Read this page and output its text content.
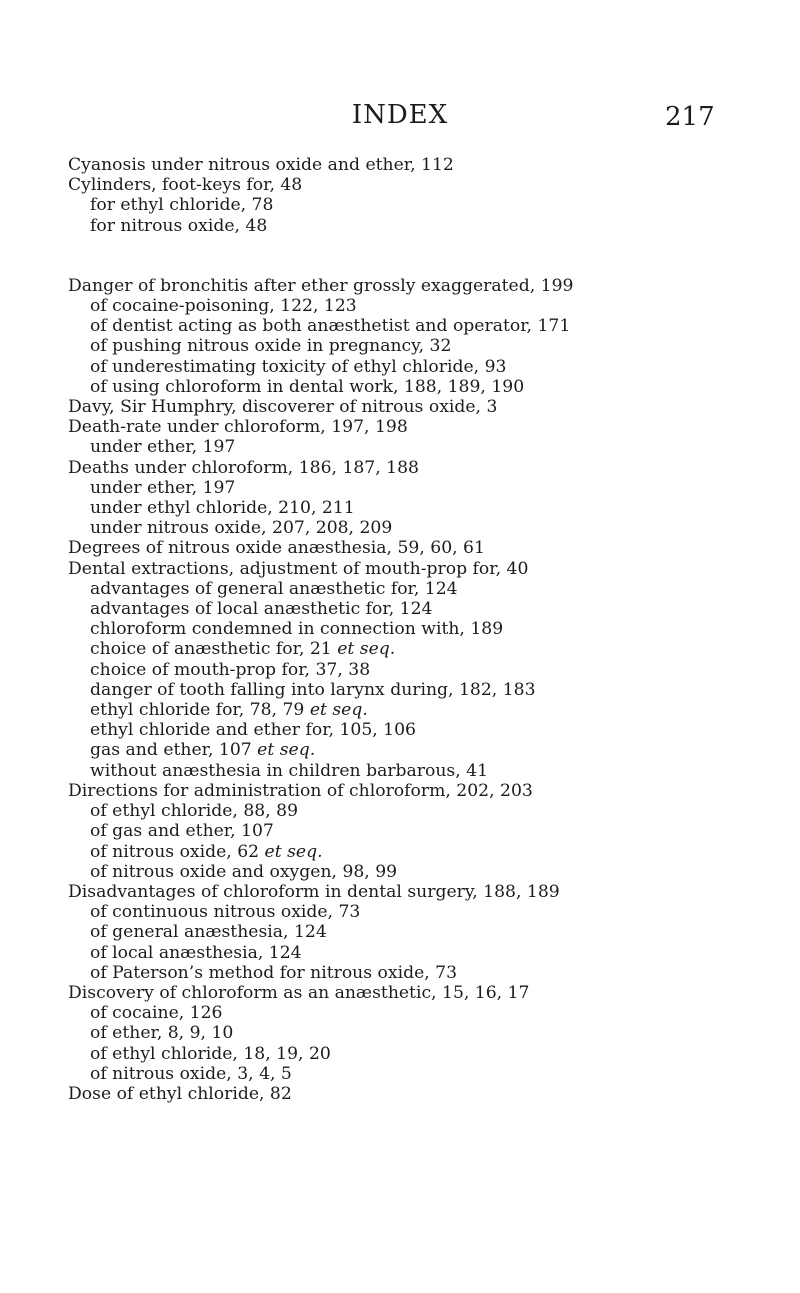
INDEX	217
Cyanosis under nitrous oxide and ether, 112
Cylinders, foot-keys for, 48
for ethyl chloride, 78
for nitrous oxide, 48
Danger of bronchitis after ether grossly exaggerated, 199
of cocaine-poisoning, 122, 123
of dentist acting as both anæsthetist and operator, 171
of pushing nitrous oxide in pregnancy, 32
of underestimating toxicity of ethyl chloride, 93
of using chloroform in dental work, 188, 189, 190
Davy, Sir Humphry, discoverer of nitrous oxide, 3
Death-rate under chloroform, 197, 198
under ether, 197
Deaths under chloroform, 186, 187, 188
under ether, 197
under ethyl chloride, 210, 211
under nitrous oxide, 207, 208, 209
Degrees of nitrous oxide anæsthesia, 59, 60, 61
Dental extractions, adjustment of mouth-prop for, 40
advantages of general anæsthetic for, 124
advantages of local anæsthetic for, 124
chloroform condemned in connection with, 189
choice of anæsthetic for, 21 et seq.
choice of mouth-prop for, 37, 38
danger of tooth falling into larynx during, 182, 183
ethyl chloride for, 78, 79 et seq.
ethyl chloride and ether for, 105, 106
gas and ether, 107 et seq.
without anæsthesia in children barbarous, 41
Directions for administration of chloroform, 202, 203
of ethyl chloride, 88, 89
of gas and ether, 107
of nitrous oxide, 62 et seq.
of nitrous oxide and oxygen, 98, 99
Disadvantages of chloroform in dental surgery, 188, 189
of continuous nitrous oxide, 73
of general anæsthesia, 124
of local anæsthesia, 124
of Paterson’s method for nitrous oxide, 73
Discovery of chloroform as an anæsthetic, 15, 16, 17
of cocaine, 126
of ether, 8, 9, 10
of ethyl chloride, 18, 19, 20
of nitrous oxide, 3, 4, 5
Dose of ethyl chloride, 82
